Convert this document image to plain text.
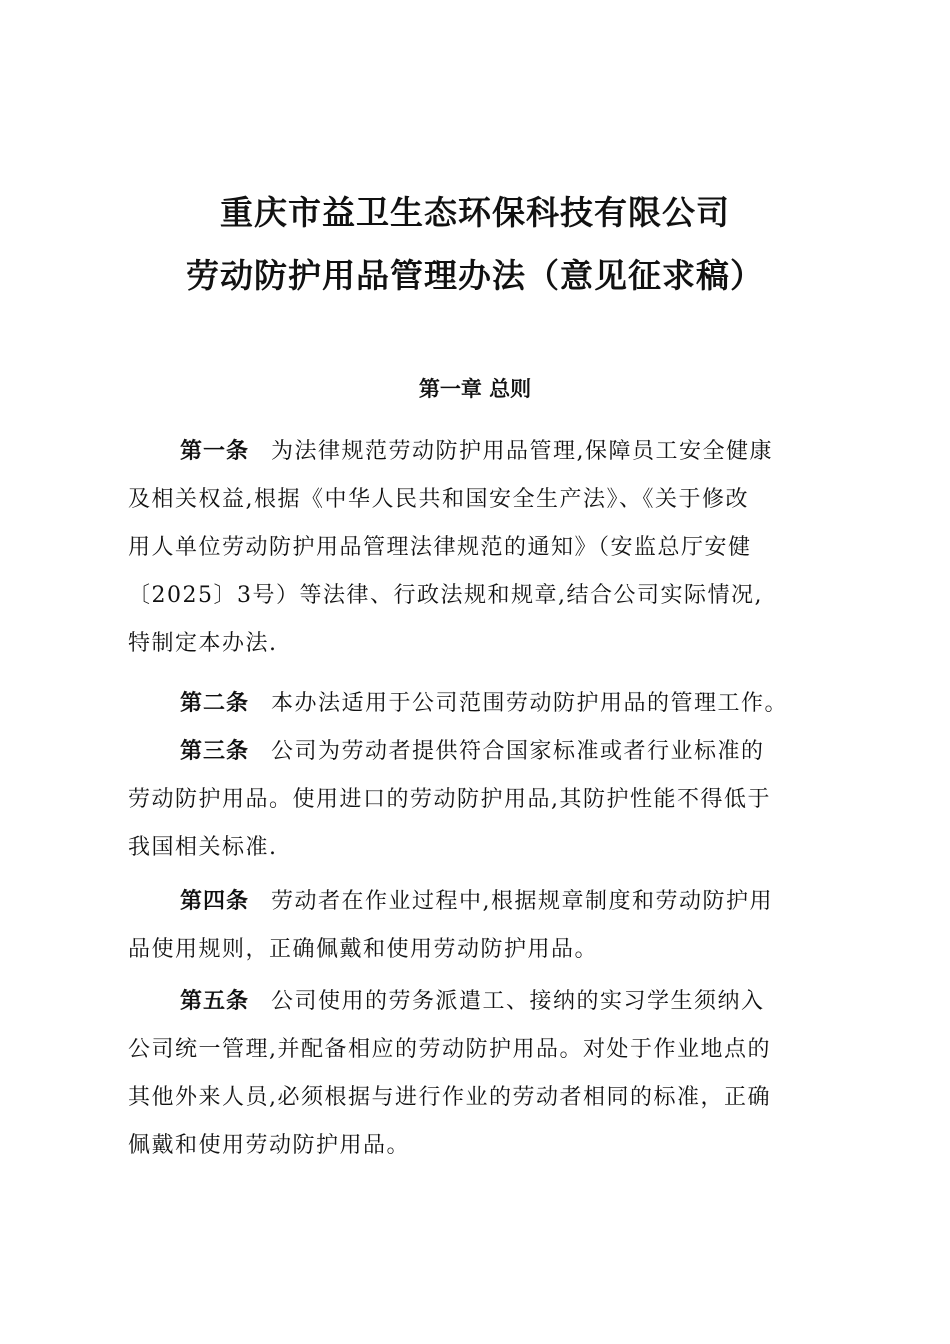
重庆市益卫生态环保科技有限公司
劳动防护用品管理办法（意见征求稿）
第一章 总则
第一条 为法律规范劳动防护用品管理,保障员工安全健康
及相关权益,根据《中华人民共和国安全生产法》、《关于修改
用人单位劳动防护用品管理法律规范的通知》（安监总厅安健
〔2025〕3号）等法律、行政法规和规章,结合公司实际情况,
特制定本办法.
第二条 本办法适用于公司范围劳动防护用品的管理工作。
第三条 公司为劳动者提供符合国家标准或者行业标准的
劳动防护用品。使用进口的劳动防护用品,其防护性能不得低于
我国相关标准.
第四条 劳动者在作业过程中,根据规章制度和劳动防护用
品使用规则，正确佩戴和使用劳动防护用品。
第五条 公司使用的劳务派遣工、接纳的实习学生须纳入
公司统一管理,并配备相应的劳动防护用品。对处于作业地点的
其他外来人员,必须根据与进行作业的劳动者相同的标准，正确
佩戴和使用劳动防护用品。
